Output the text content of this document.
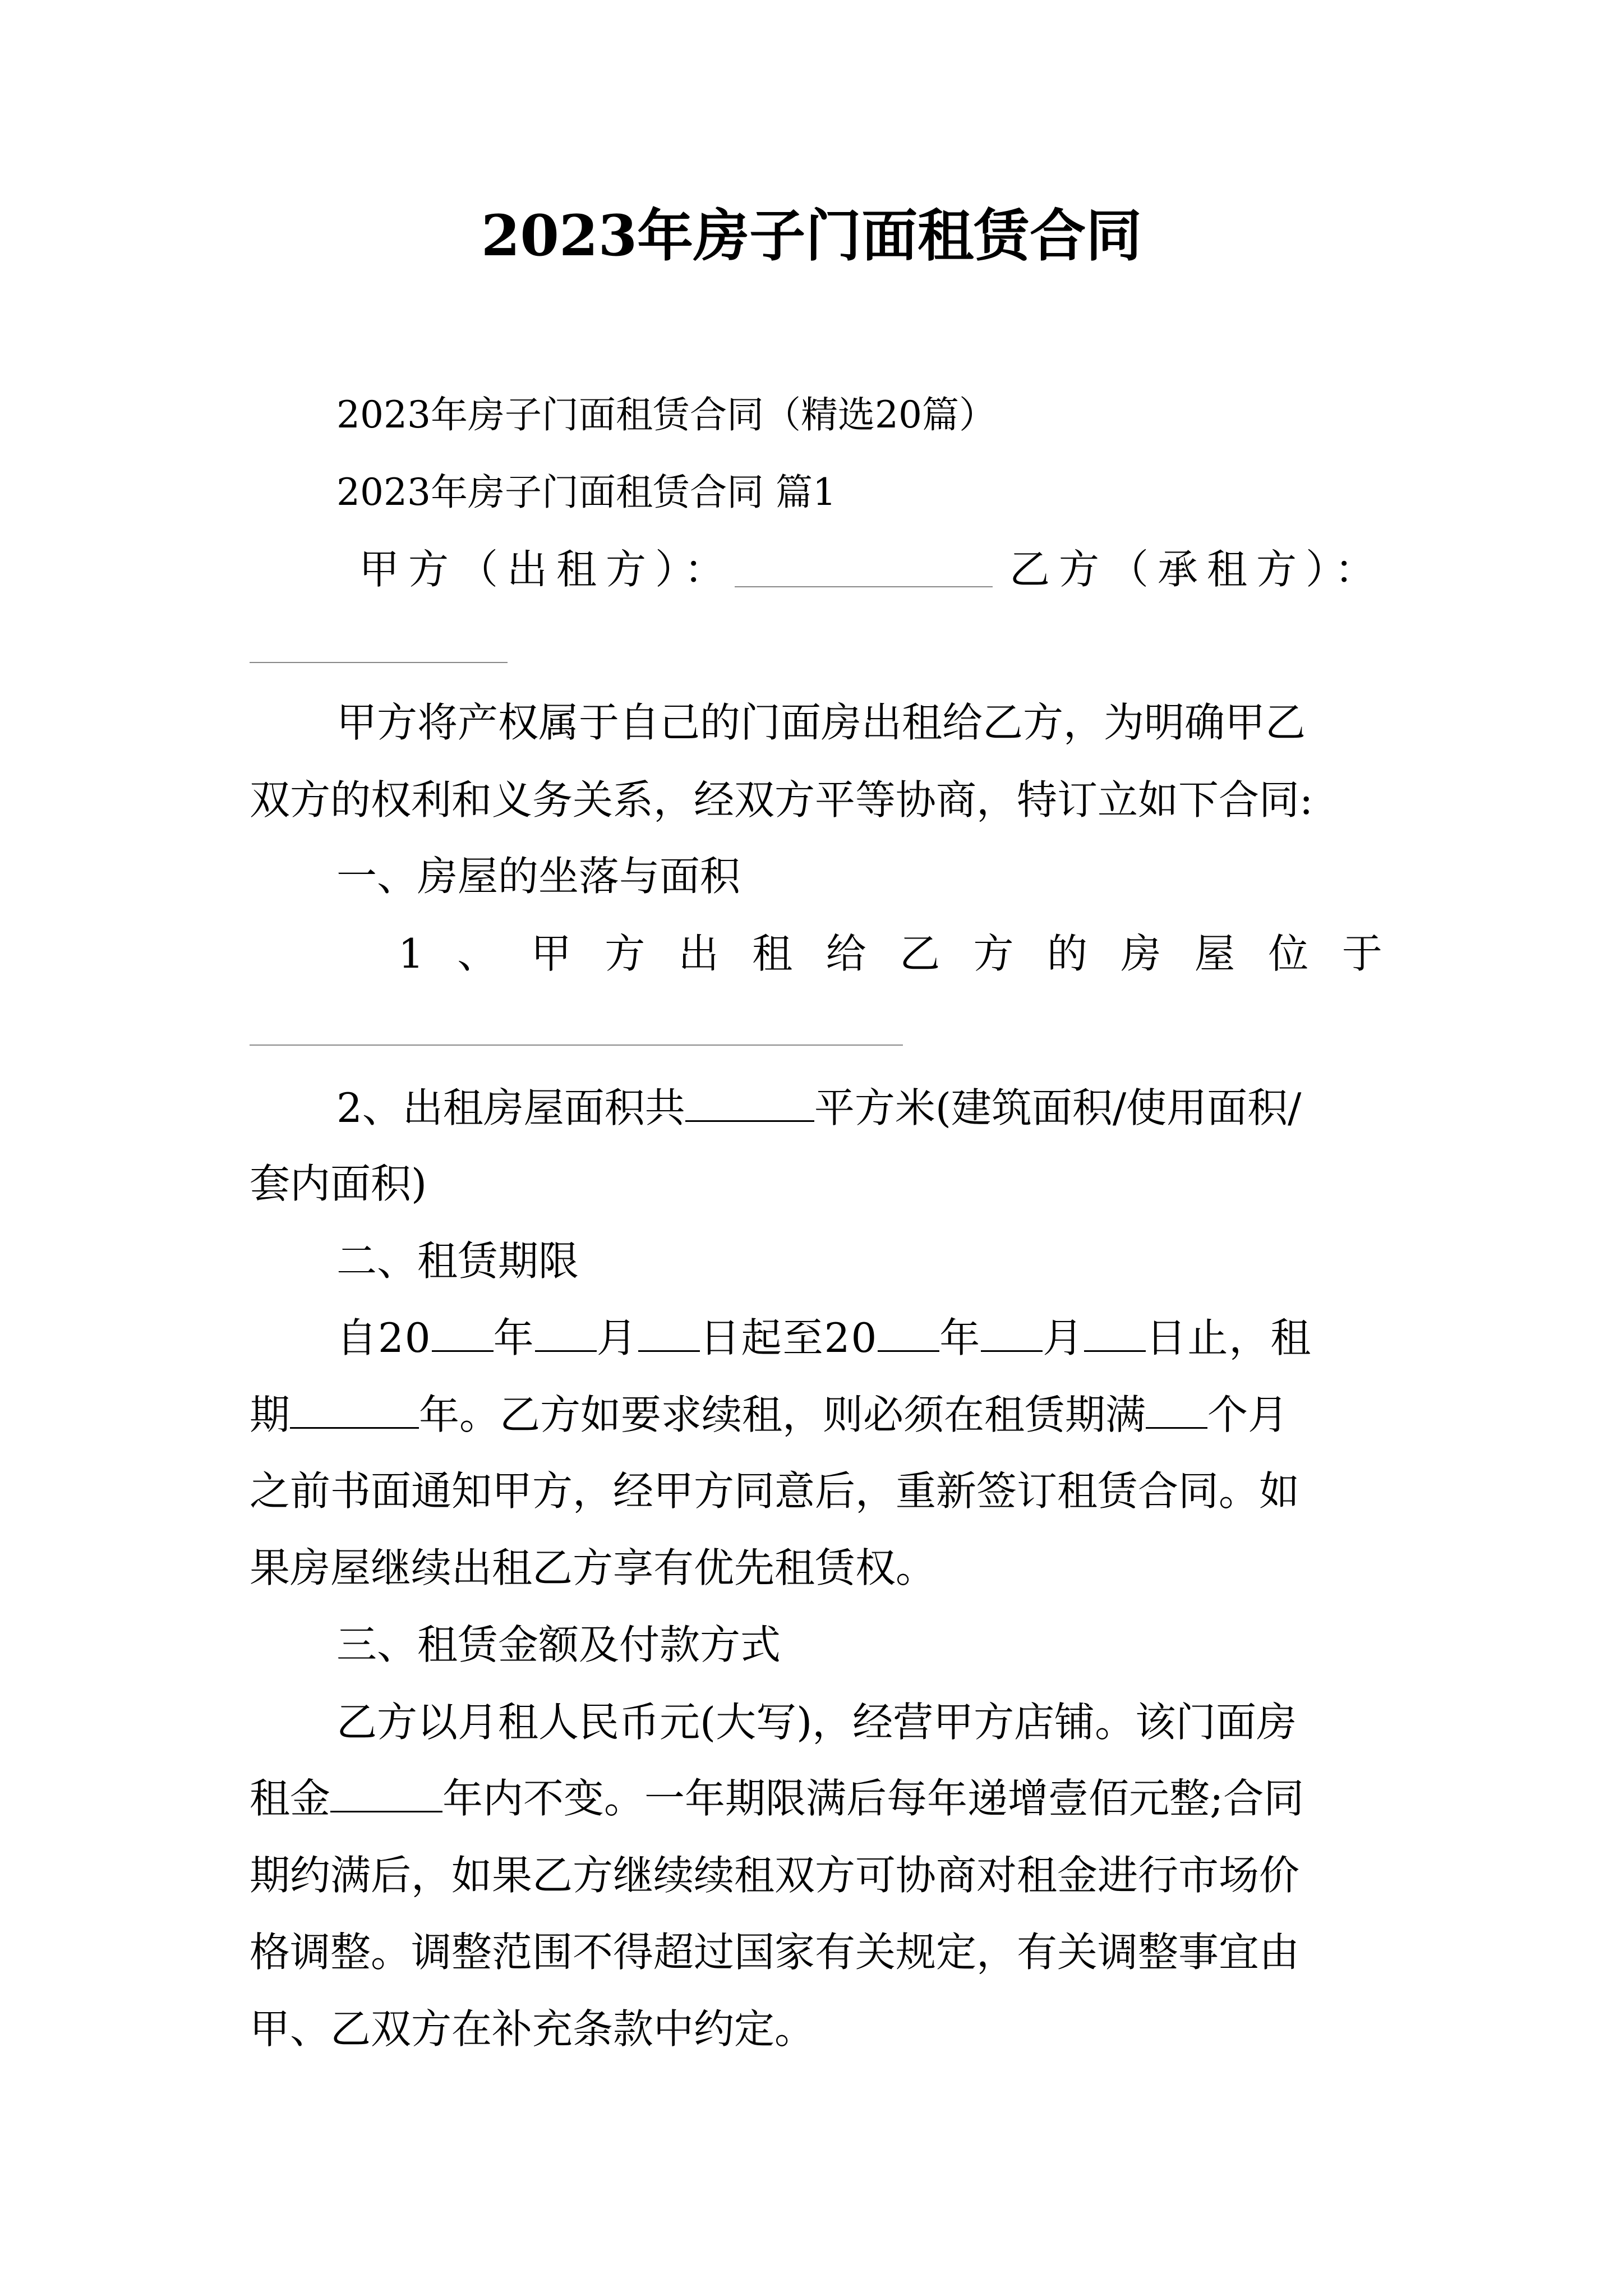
2023年房子门面租赁合同
2023年房子门面租赁合同（精选20篇）
2023年房子门面租赁合同 篇1
甲方（出租方）：	乙方（承租方）：
甲方将产权属于自己的门面房出租给乙方，为明确甲乙
双方的权利和义务关系，经双方平等协商，特订立如下合同:
一、房屋的坐落与面积
1 、 甲 方 出 租 给 乙 方 的 房 屋 位 于
2、出租房屋面积共	平方米(建筑面积/使用面积/
套内面积)
二、租赁期限
自20 年 月 日起至20 年 月 日止，租
期	年。乙方如要求续租，则必须在租赁期满 个月
之前书面通知甲方，经甲方同意后，重新签订租赁合同。如
果房屋继续出租乙方享有优先租赁权。
三、租赁金额及付款方式
乙方以月租人民币元(大写)，经营甲方店铺。该门面房
租金	年内不变。一年期限满后每年递增壹佰元整;合同
期约满后，如果乙方继续续租双方可协商对租金进行市场价
格调整。调整范围不得超过国家有关规定，有关调整事宜由
甲、乙双方在补充条款中约定。
